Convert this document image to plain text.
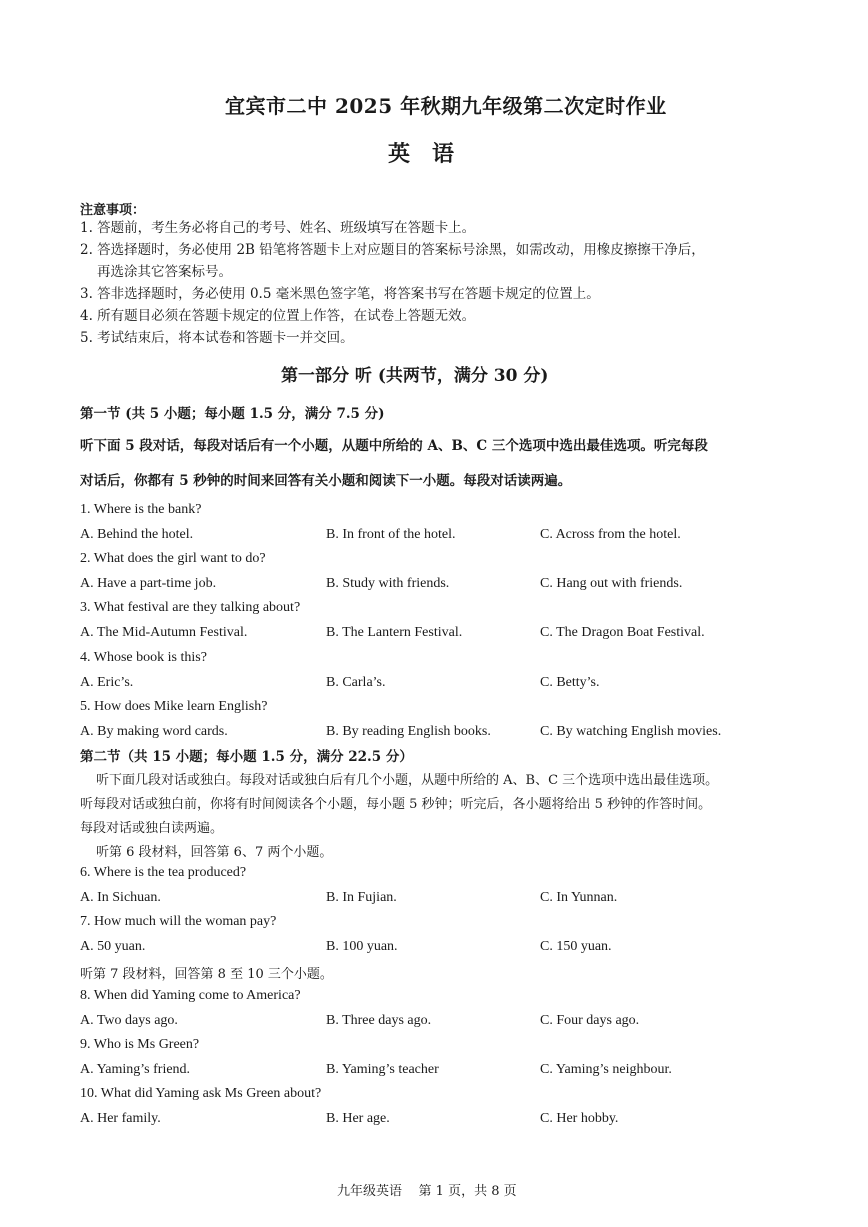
宜宾市二中 2025 年秋期九年级第二次定时作业
英语
注意事项：
1. 答题前，考生务必将自己的考号、姓名、班级填写在答题卡上。
2. 答选择题时，务必使用 2B 铅笔将答题卡上对应题目的答案标号涂黑，如需改动，用橡皮擦擦干净后，
再选涂其它答案标号。
3. 答非选择题时，务必使用 0.5 毫米黑色签字笔，将答案书写在答题卡规定的位置上。
4. 所有题目必须在答题卡规定的位置上作答，在试卷上答题无效。
5. 考试结束后，将本试卷和答题卡一并交回。
第一部分 听 (共两节，满分 30 分)
第一节 (共 5 小题；每小题 1.5 分，满分 7.5 分)
听下面 5 段对话，每段对话后有一个小题，从题中所给的 A、B、C 三个选项中选出最佳选项。听完每段
对话后，你都有 5 秒钟的时间来回答有关小题和阅读下一小题。每段对话读两遍。
1. Where is the bank?
A. Behind the hotel.	B. In front of the hotel.	C. Across from the hotel.
2. What does the girl want to do?
A. Have a part-time job.	B. Study with friends.	C. Hang out with friends.
3. What festival are they talking about?
A. The Mid-Autumn Festival.	B. The Lantern Festival.	C. The Dragon Boat Festival.
4. Whose book is this?
A. Eric’s.	B. Carla’s.	C. Betty’s.
5. How does Mike learn English?
A. By making word cards.	B. By reading English books.	C. By watching English movies.
第二节（共 15 小题；每小题 1.5 分，满分 22.5 分）
听下面几段对话或独白。每段对话或独白后有几个小题，从题中所给的 A、B、C 三个选项中选出最佳选项。
听每段对话或独白前，你将有时间阅读各个小题，每小题 5 秒钟；听完后，各小题将给出 5 秒钟的作答时间。
每段对话或独白读两遍。
听第 6 段材料，回答第 6、7 两个小题。
6. Where is the tea produced?
A. In Sichuan.	B. In Fujian.	C. In Yunnan.
7. How much will the woman pay?
A. 50 yuan.	B. 100 yuan.	C. 150 yuan.
听第 7 段材料，回答第 8 至 10 三个小题。
8. When did Yaming come to America?
A. Two days ago.	B. Three days ago.	C. Four days ago.
9. Who is Ms Green?
A. Yaming’s friend.	B. Yaming’s teacher	C. Yaming’s neighbour.
10. What did Yaming ask Ms Green about?
A. Her family.	B. Her age.	C. Her hobby.
九年级英语    第 1 页，共 8 页
